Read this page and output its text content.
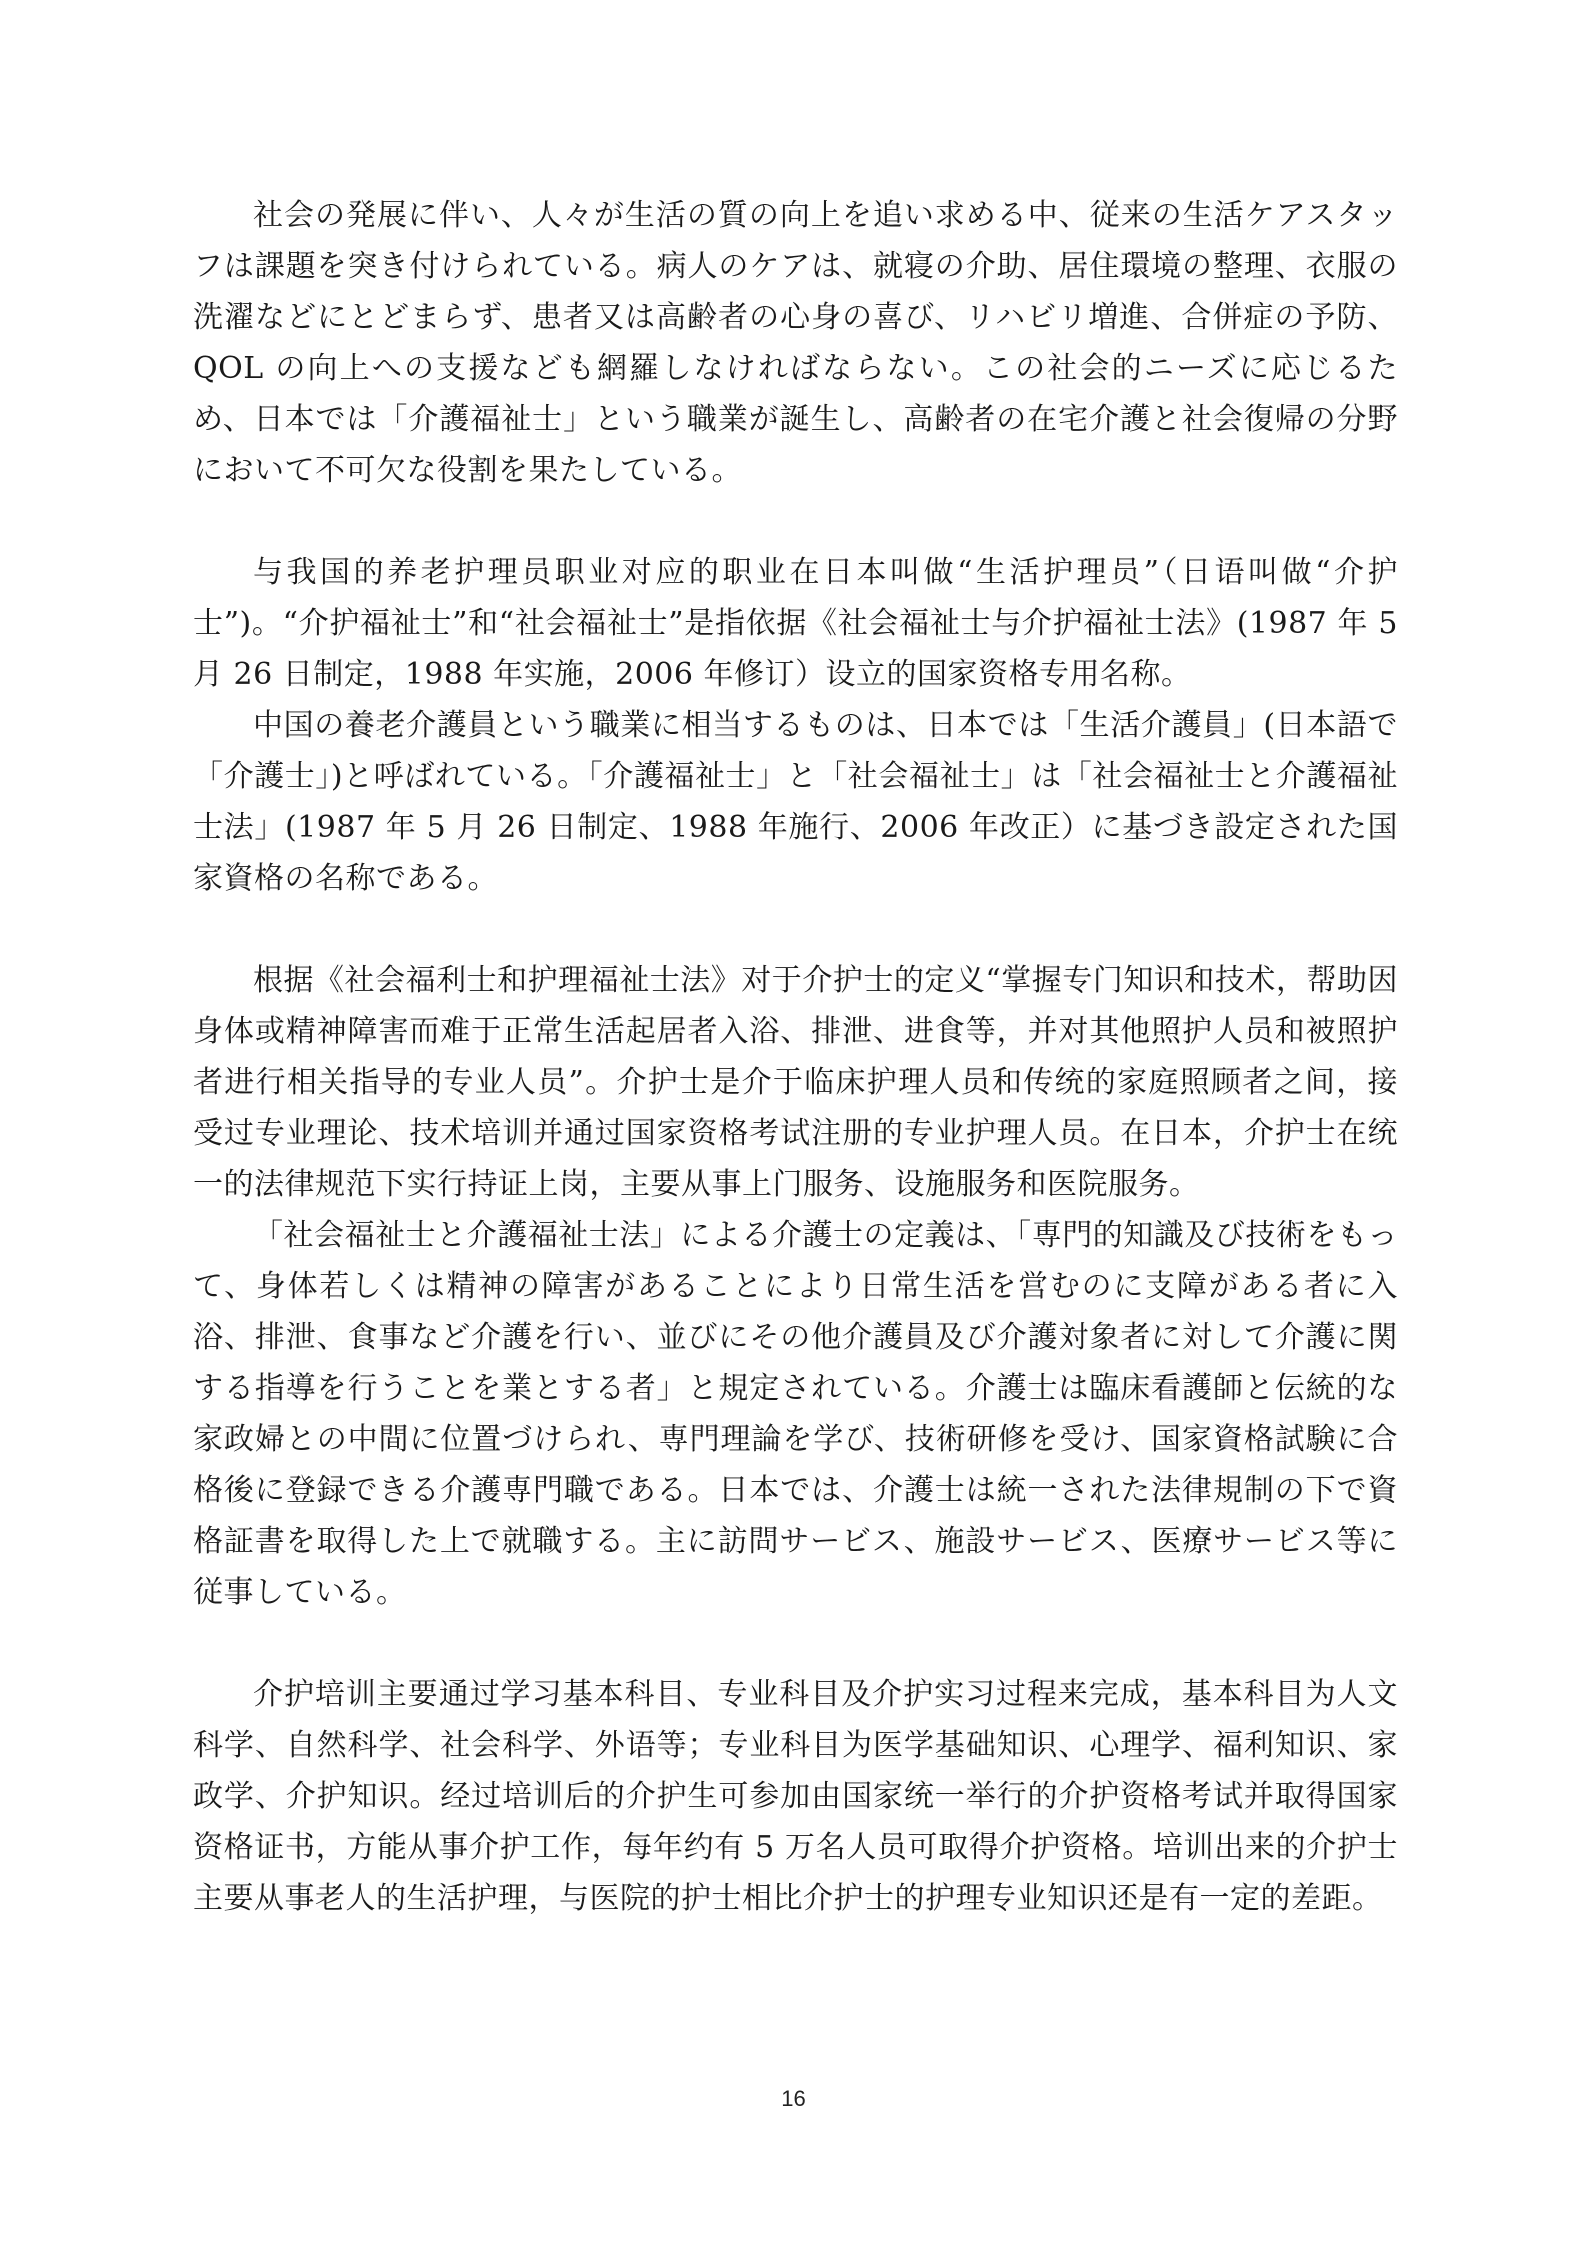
社会の発展に伴い、人々が生活の質の向上を追い求める中、従来の生活ケアスタッフは課題を突き付けられている。病人のケアは、就寝の介助、居住環境の整理、衣服の洗濯などにとどまらず、患者又は高齢者の心身の喜び、リハビリ増進、合併症の予防、QOL の向上への支援なども網羅しなければならない。この社会的ニーズに応じるため、日本では「介護福祉士」という職業が誕生し、高齢者の在宅介護と社会復帰の分野において不可欠な役割を果たしている。

与我国的养老护理员职业对应的职业在日本叫做“生活护理员”（日语叫做“介护士”)。“介护福祉士”和“社会福祉士”是指依据《社会福祉士与介护福祉士法》(1987 年 5 月 26 日制定，1988 年实施，2006 年修订）设立的国家资格专用名称。

中国の養老介護員という職業に相当するものは、日本では「生活介護員」(日本語で「介護士」)と呼ばれている。「介護福祉士」と「社会福祉士」は「社会福祉士と介護福祉士法」(1987 年 5 月 26 日制定、1988 年施行、2006 年改正）に基づき設定された国家資格の名称である。

根据《社会福利士和护理福祉士法》对于介护士的定义“掌握专门知识和技术，帮助因身体或精神障害而难于正常生活起居者入浴、排泄、进食等，并对其他照护人员和被照护者进行相关指导的专业人员”。介护士是介于临床护理人员和传统的家庭照顾者之间，接受过专业理论、技术培训并通过国家资格考试注册的专业护理人员。在日本，介护士在统一的法律规范下实行持证上岗，主要从事上门服务、设施服务和医院服务。

「社会福祉士と介護福祉士法」による介護士の定義は、「専門的知識及び技術をもって、身体若しくは精神の障害があることにより日常生活を営むのに支障がある者に入浴、排泄、食事など介護を行い、並びにその他介護員及び介護対象者に対して介護に関する指導を行うことを業とする者」と規定されている。介護士は臨床看護師と伝統的な家政婦との中間に位置づけられ、専門理論を学び、技術研修を受け、国家資格試験に合格後に登録できる介護専門職である。日本では、介護士は統一された法律規制の下で資格証書を取得した上で就職する。主に訪問サービス、施設サービス、医療サービス等に従事している。

介护培训主要通过学习基本科目、专业科目及介护实习过程来完成，基本科目为人文科学、自然科学、社会科学、外语等；专业科目为医学基础知识、心理学、福利知识、家政学、介护知识。经过培训后的介护生可参加由国家统一举行的介护资格考试并取得国家资格证书，方能从事介护工作，每年约有 5 万名人员可取得介护资格。培训出来的介护士主要从事老人的生活护理，与医院的护士相比介护士的护理专业知识还是有一定的差距。

16
